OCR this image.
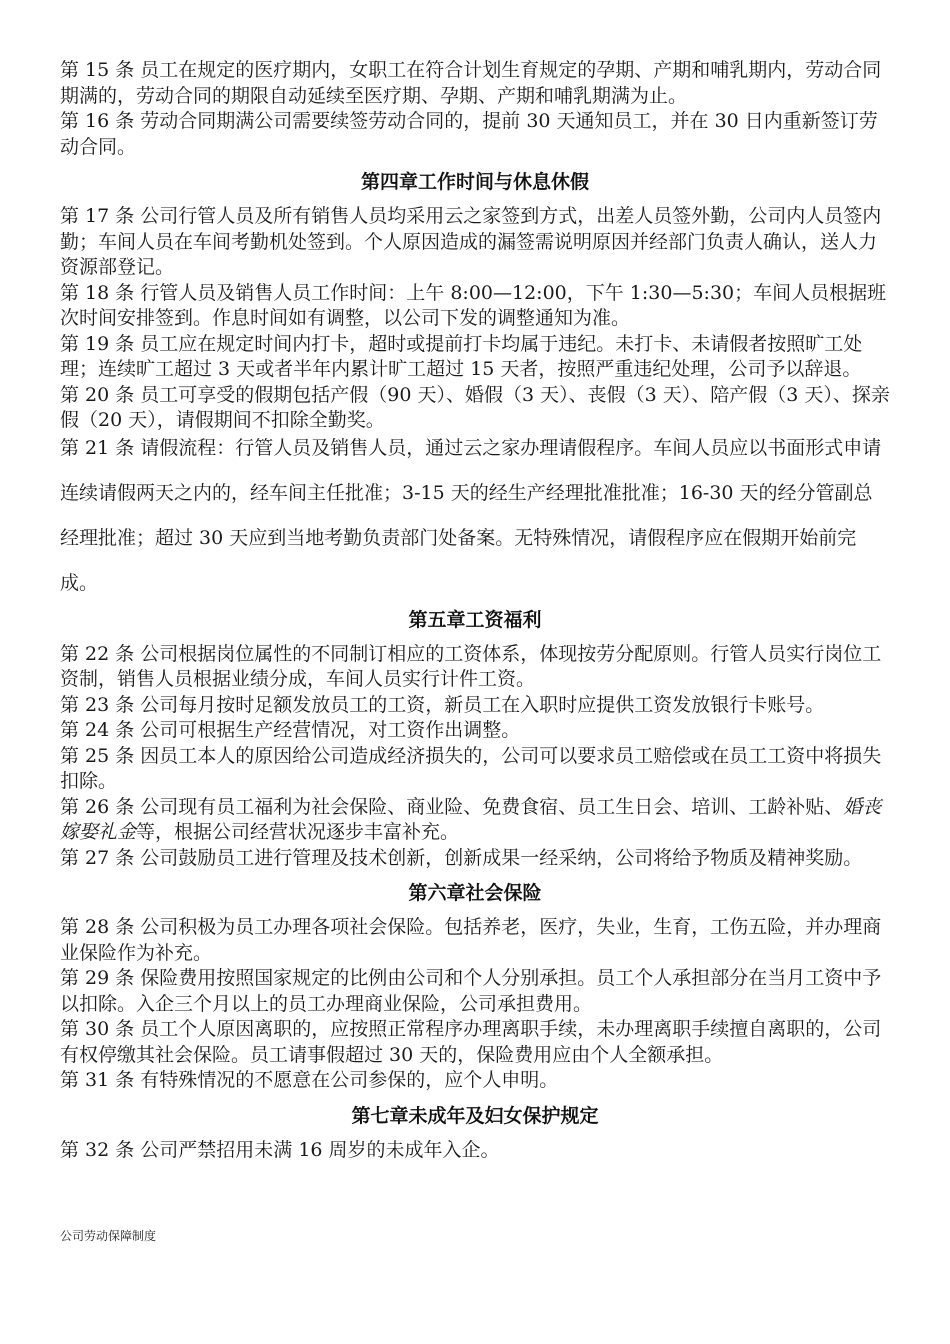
第 15 条 员工在规定的医疗期内，女职工在符合计划生育规定的孕期、产期和哺乳期内，劳动合同期满的，劳动合同的期限自动延续至医疗期、孕期、产期和哺乳期满为止。

第 16 条 劳动合同期满公司需要续签劳动合同的，提前 30 天通知员工，并在 30 日内重新签订劳动合同。

第四章工作时间与休息休假

第 17 条 公司行管人员及所有销售人员均采用云之家签到方式，出差人员签外勤，公司内人员签内勤；车间人员在车间考勤机处签到。个人原因造成的漏签需说明原因并经部门负责人确认，送人力资源部登记。

第 18 条 行管人员及销售人员工作时间：上午 8:00—12:00，下午 1:30—5:30；车间人员根据班次时间安排签到。作息时间如有调整，以公司下发的调整通知为准。

第 19 条 员工应在规定时间内打卡，超时或提前打卡均属于违纪。未打卡、未请假者按照旷工处理；连续旷工超过 3 天或者半年内累计旷工超过 15 天者，按照严重违纪处理，公司予以辞退。

第 20 条 员工可享受的假期包括产假（90 天）、婚假（3 天）、丧假（3 天）、陪产假（3 天）、探亲假（20 天），请假期间不扣除全勤奖。

第 21 条 请假流程：行管人员及销售人员，通过云之家办理请假程序。车间人员应以书面形式申请连续请假两天之内的，经车间主任批准；3-15 天的经生产经理批准批准；16-30 天的经分管副总经理批准；超过 30 天应到当地考勤负责部门处备案。无特殊情况，请假程序应在假期开始前完成。

第五章工资福利

第 22 条 公司根据岗位属性的不同制订相应的工资体系，体现按劳分配原则。行管人员实行岗位工资制，销售人员根据业绩分成，车间人员实行计件工资。

第 23 条 公司每月按时足额发放员工的工资，新员工在入职时应提供工资发放银行卡账号。

第 24 条 公司可根据生产经营情况，对工资作出调整。

第 25 条 因员工本人的原因给公司造成经济损失的，公司可以要求员工赔偿或在员工工资中将损失扣除。

第 26 条 公司现有员工福利为社会保险、商业险、免费食宿、员工生日会、培训、工龄补贴、婚丧嫁娶礼金等，根据公司经营状况逐步丰富补充。

第 27 条 公司鼓励员工进行管理及技术创新，创新成果一经采纳，公司将给予物质及精神奖励。

第六章社会保险

第 28 条 公司积极为员工办理各项社会保险。包括养老，医疗，失业，生育，工伤五险，并办理商业保险作为补充。

第 29 条 保险费用按照国家规定的比例由公司和个人分别承担。员工个人承担部分在当月工资中予以扣除。入企三个月以上的员工办理商业保险，公司承担费用。

第 30 条 员工个人原因离职的，应按照正常程序办理离职手续，未办理离职手续擅自离职的，公司有权停缴其社会保险。员工请事假超过 30 天的，保险费用应由个人全额承担。

第 31 条 有特殊情况的不愿意在公司参保的，应个人申明。

第七章未成年及妇女保护规定

第 32 条 公司严禁招用未满 16 周岁的未成年入企。

公司劳动保障制度
